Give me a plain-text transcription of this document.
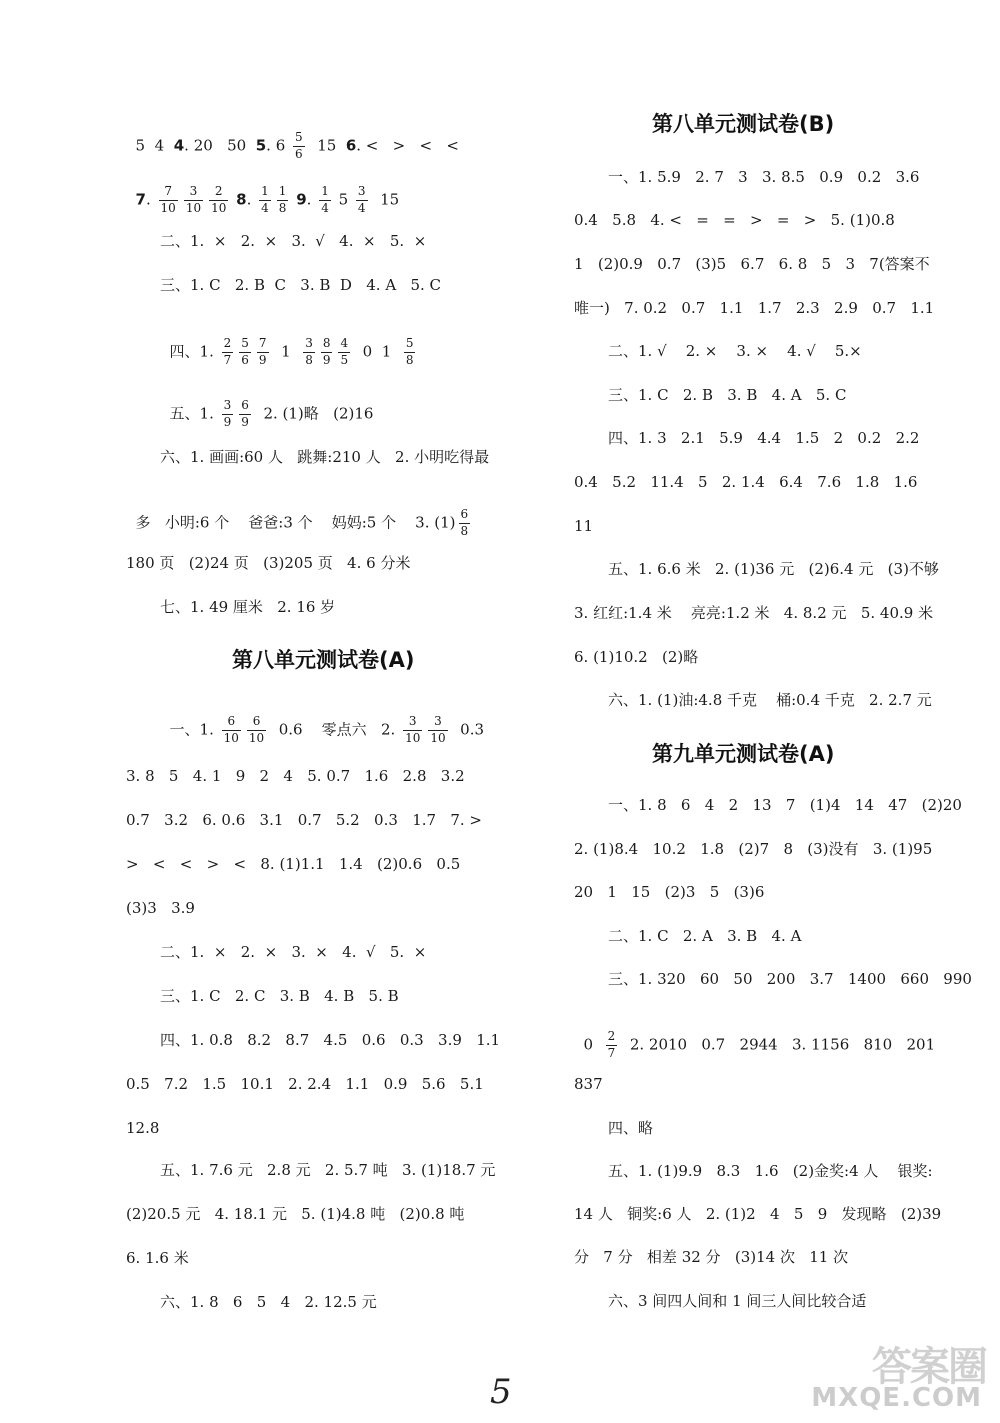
5  4  4. 20   50  5. $6 \frac{5}{6} 15$  6. <   >   <   <

7. $\frac{7}{10} \frac{3}{10} \frac{2}{10} 8$. $\frac{1}{4} \frac{1}{8} 9$. $\frac{1}{4} 5 \frac{3}{4} 15$

二、1.  ×   2.  ×   3.  √   4.  ×   5.  ×
三、1. C   2. B  C   3. B  D   4. A   5. C

四、1. $\frac{2}{7} \frac{5}{6} \frac{7}{9} 1 \frac{3}{8} \frac{8}{9} \frac{4}{5} 0$  $1 \frac{5}{8}$

五、1. $\frac{3}{9} \frac{6}{9} 2$. (1)略   (2)16

六、1. 画画:60 人   跳舞:210 人   2. 小明吃得最

多   小明:6 个    爸爸:3 个    妈妈:5 个    3. $(1) \frac{6}{8}$

180 页   (2)24 页   (3)205 页   4. 6 分米
七、1. 49 厘米   2. 16 岁
第八单元测试卷(A)

一、1. $\frac{6}{10} \frac{6}{10} 0.6$    零点六   2. $\frac{3}{10} \frac{3}{10} 0.3$

3. 8   5   4. 1   9   2   4   5. 0.7   1.6   2.8   3.2
0.7   3.2   6. 0.6   3.1   0.7   5.2   0.3   1.7   7. >
>   <   <   >   <   8. (1)1.1   1.4   (2)0.6   0.5
(3)3   3.9
二、1.  ×   2.  ×   3.  ×   4.  √   5.  ×
三、1. C   2. C   3. B   4. B   5. B
四、1. 0.8   8.2   8.7   4.5   0.6   0.3   3.9   1.1
0.5   7.2   1.5   10.1   2. 2.4   1.1   0.9   5.6   5.1
12.8
五、1. 7.6 元   2.8 元   2. 5.7 吨   3. (1)18.7 元
(2)20.5 元   4. 18.1 元   5. (1)4.8 吨   (2)0.8 吨
6. 1.6 米
六、1. 8   6   5   4   2. 12.5 元
第八单元测试卷(B)
一、1. 5.9   2. 7   3   3. 8.5   0.9   0.2   3.6
0.4   5.8   4. <   =   =   >   =   >   5. (1)0.8
1   (2)0.9   0.7   (3)5   6.7   6. 8   5   3   7(答案不
唯一)   7. 0.2   0.7   1.1   1.7   2.3   2.9   0.7   1.1
二、1. √    2. ×    3. ×    4. √    5.×
三、1. C   2. B   3. B   4. A   5. C
四、1. 3   2.1   5.9   4.4   1.5   2   0.2   2.2
0.4   5.2   11.4   5   2. 1.4   6.4   7.6   1.8   1.6
11
五、1. 6.6 米   2. (1)36 元   (2)6.4 元   (3)不够
3. 红红:1.4 米    亮亮:1.2 米   4. 8.2 元   5. 40.9 米
6. (1)10.2   (2)略
六、1. (1)油:4.8 千克    桶:0.4 千克   2. 2.7 元
第九单元测试卷(A)
一、1. 8   6   4   2   13   7   (1)4   14   47   (2)20
2. (1)8.4   10.2   1.8   (2)7   8   (3)没有   3. (1)95
20   1   15   (2)3   5   (3)6
二、1. C   2. A   3. B   4. A
三、1. 320   60   50   200   3.7   1400   660   990

$0 \frac{2}{7} 2$. 2010   0.7   2944   3. 1156   810   201

837
四、略
五、1. (1)9.9   8.3   1.6   (2)金奖:4 人    银奖:
14 人   铜奖:6 人   2. (1)2   4   5   9   发现略   (2)39
分   7 分   相差 32 分   (3)14 次   11 次
六、3 间四人间和 1 间三人间比较合适
5
答案圈
MXQE.COM
